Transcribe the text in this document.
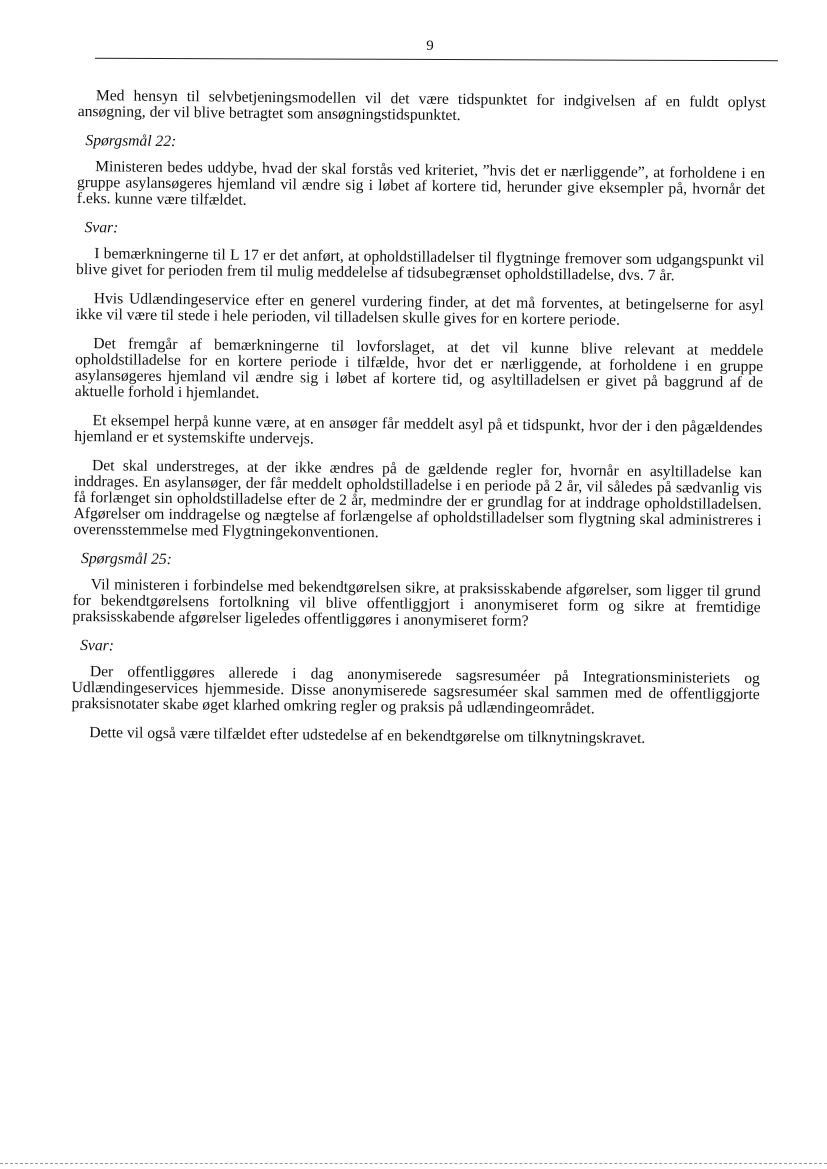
9

Med hensyn til selvbetjeningsmodellen vil det være tidspunktet for indgivelsen af en fuldt oplyst ansøgning, der vil blive betragtet som ansøgningstidspunktet.

Spørgsmål 22:

Ministeren bedes uddybe, hvad der skal forstås ved kriteriet, ”hvis det er nærliggende”, at forholdene i en gruppe asylansøgeres hjemland vil ændre sig i løbet af kortere tid, herunder give eksempler på, hvornår det f.eks. kunne være tilfældet.

Svar:

I bemærkningerne til L 17 er det anført, at opholdstilladelser til flygtninge fremover som udgangspunkt vil blive givet for perioden frem til mulig meddelelse af tidsubegrænset opholdstilladelse, dvs. 7 år.

Hvis Udlændingeservice efter en generel vurdering finder, at det må forventes, at betingelserne for asyl ikke vil være til stede i hele perioden, vil tilladelsen skulle gives for en kortere periode.

Det fremgår af bemærkningerne til lovforslaget, at det vil kunne blive relevant at meddele opholdstilladelse for en kortere periode i tilfælde, hvor det er nærliggende, at forholdene i en gruppe asylansøgeres hjemland vil ændre sig i løbet af kortere tid, og asyltilladelsen er givet på baggrund af de aktuelle forhold i hjemlandet.

Et eksempel herpå kunne være, at en ansøger får meddelt asyl på et tidspunkt, hvor der i den pågældendes hjemland er et systemskifte undervejs.

Det skal understreges, at der ikke ændres på de gældende regler for, hvornår en asyltilladelse kan inddrages. En asylansøger, der får meddelt opholdstilladelse i en periode på 2 år, vil således på sædvanlig vis få forlænget sin opholdstilladelse efter de 2 år, medmindre der er grundlag for at inddrage opholdstilladelsen. Afgørelser om inddragelse og nægtelse af forlængelse af opholdstilladelser som flygtning skal administreres i overensstemmelse med Flygtningekonventionen.

Spørgsmål 25:

Vil ministeren i forbindelse med bekendtgørelsen sikre, at praksisskabende afgørelser, som ligger til grund for bekendtgørelsens fortolkning vil blive offentliggjort i anonymiseret form og sikre at fremtidige praksisskabende afgørelser ligeledes offentliggøres i anonymiseret form?

Svar:

Der offentliggøres allerede i dag anonymiserede sagsresuméer på Integrationsministeriets og Udlændingeservices hjemmeside. Disse anonymiserede sagsresuméer skal sammen med de offentliggjorte praksisnotater skabe øget klarhed omkring regler og praksis på udlændingeområdet.

Dette vil også være tilfældet efter udstedelse af en bekendtgørelse om tilknytningskravet.
